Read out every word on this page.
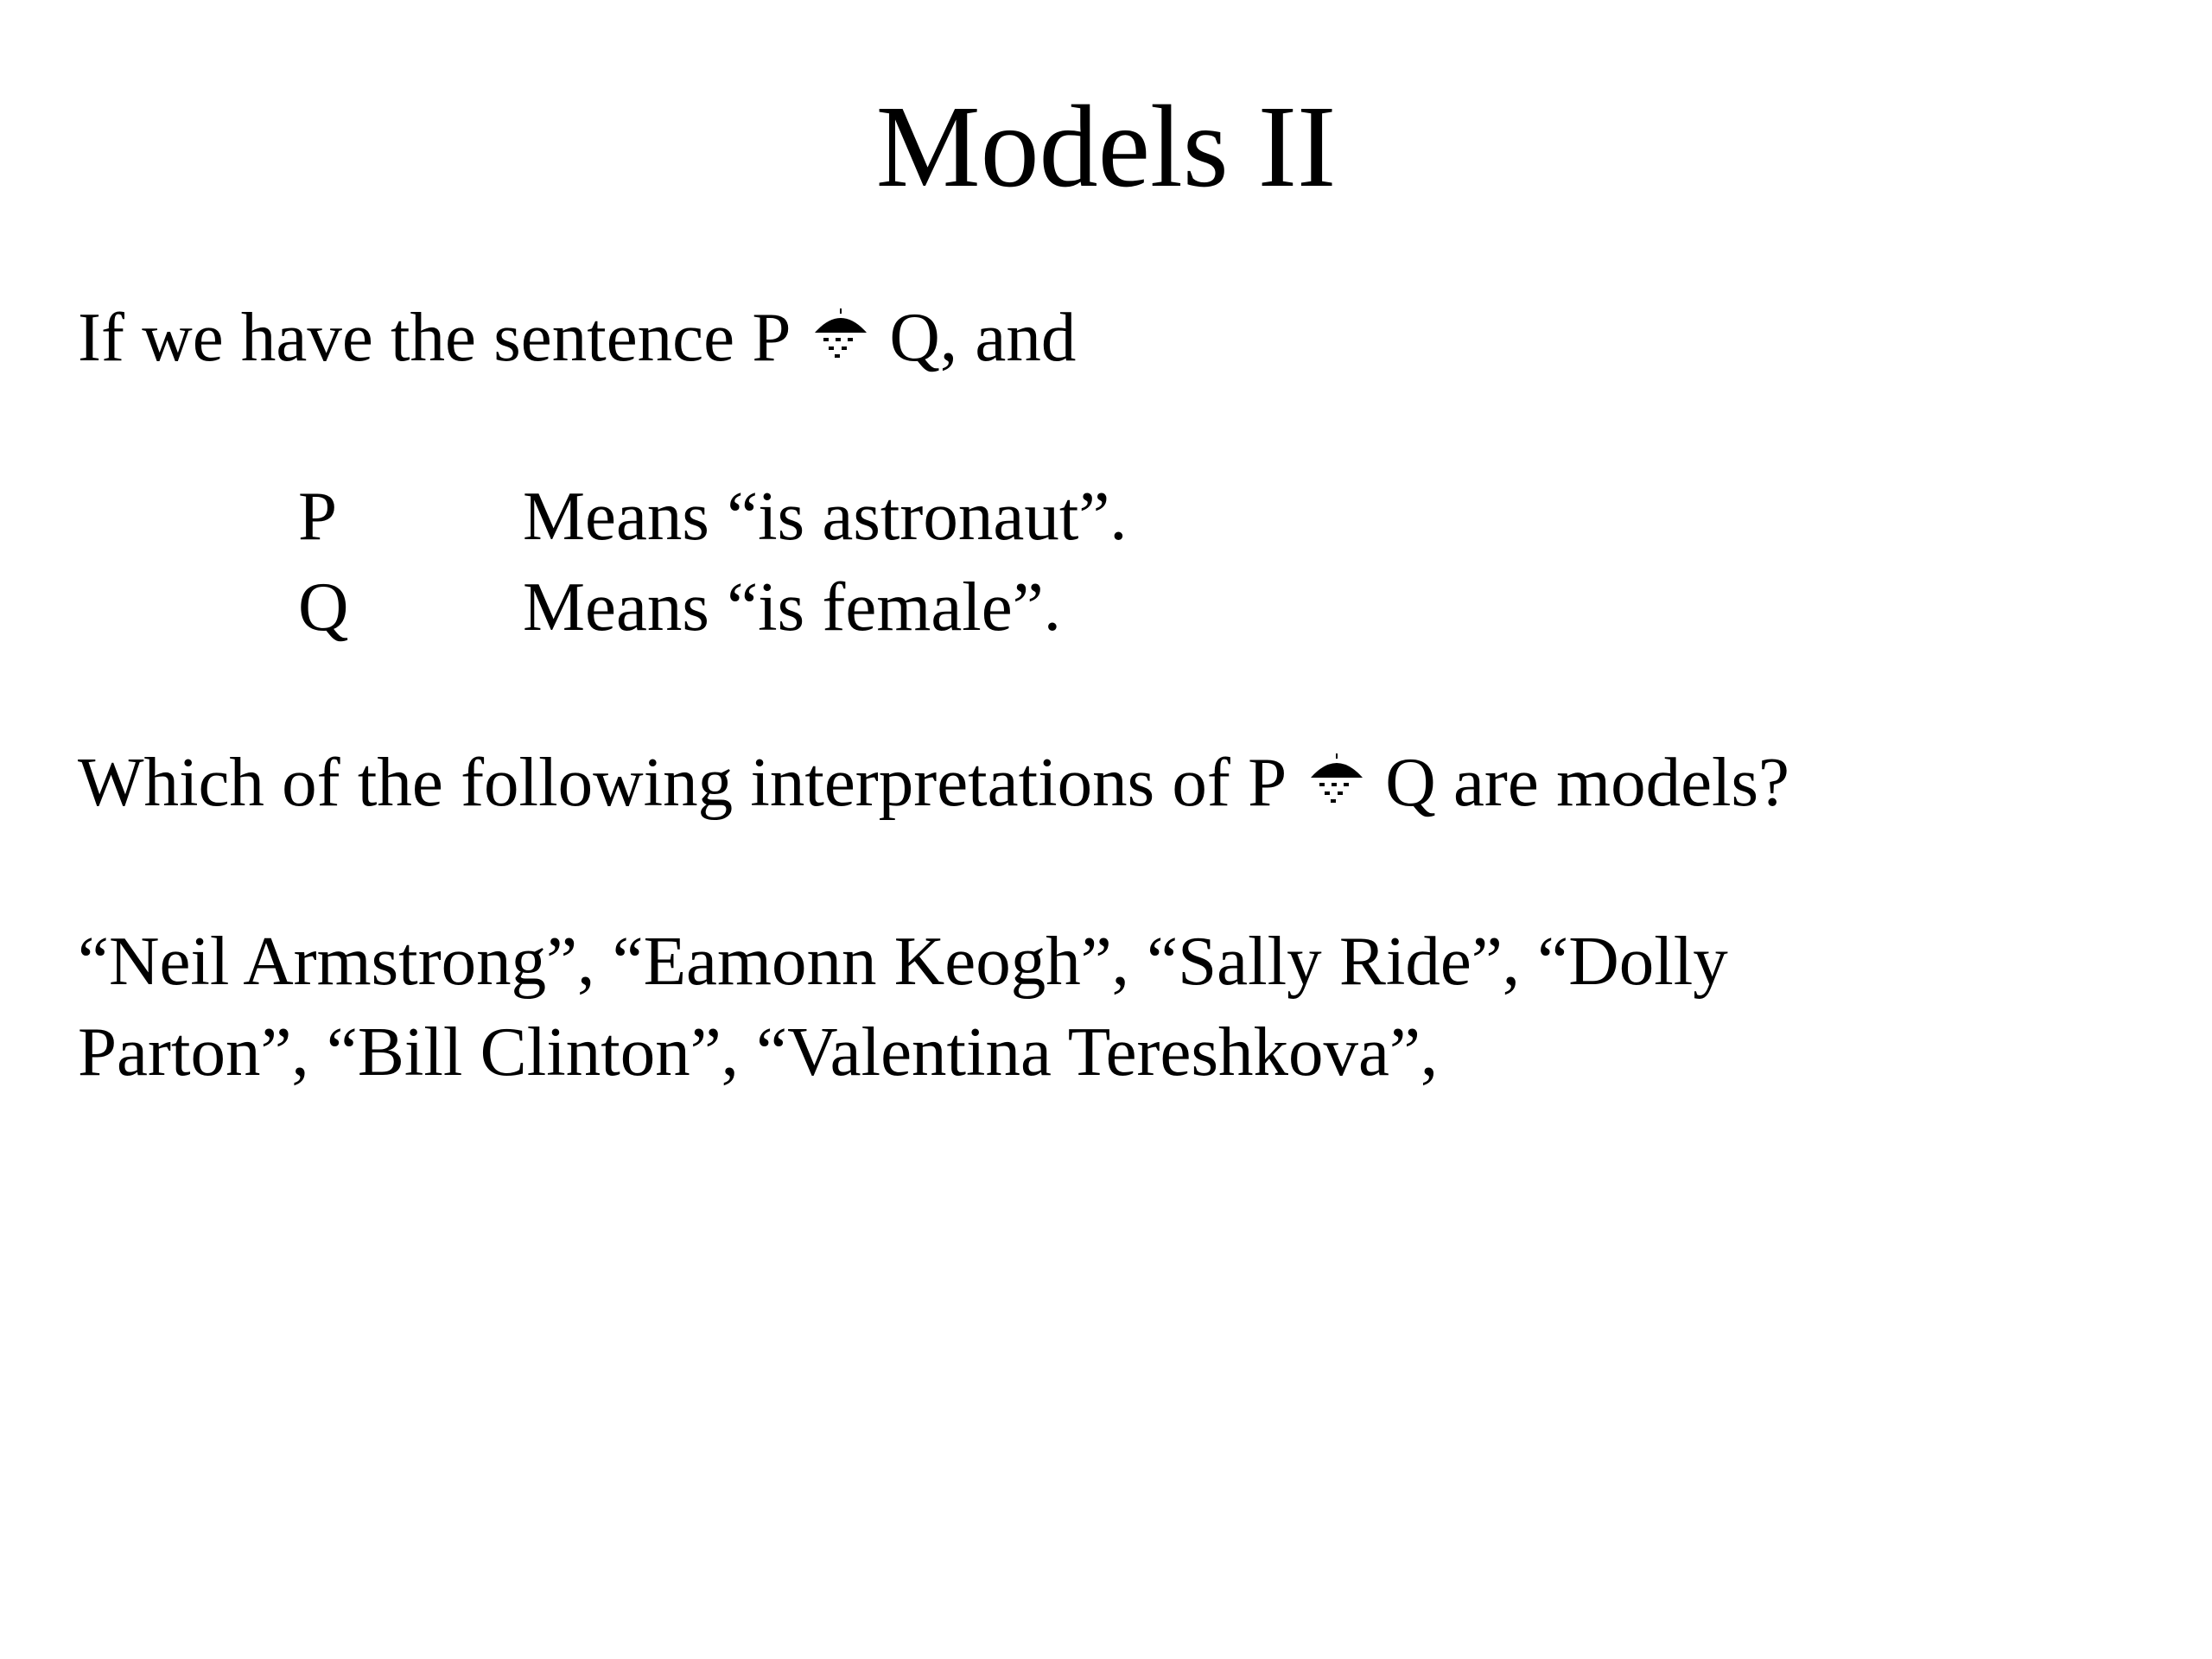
Models II
If we have the sentence P Q, and
P	Means “is astronaut”.
Q Means “is female”.
Which of the following interpretations of P Q are models?

“Neil Armstrong”, “Eamonn Keogh”, “Sally Ride”, “Dolly

Parton”, “Bill Clinton”, “Valentina Tereshkova”,
